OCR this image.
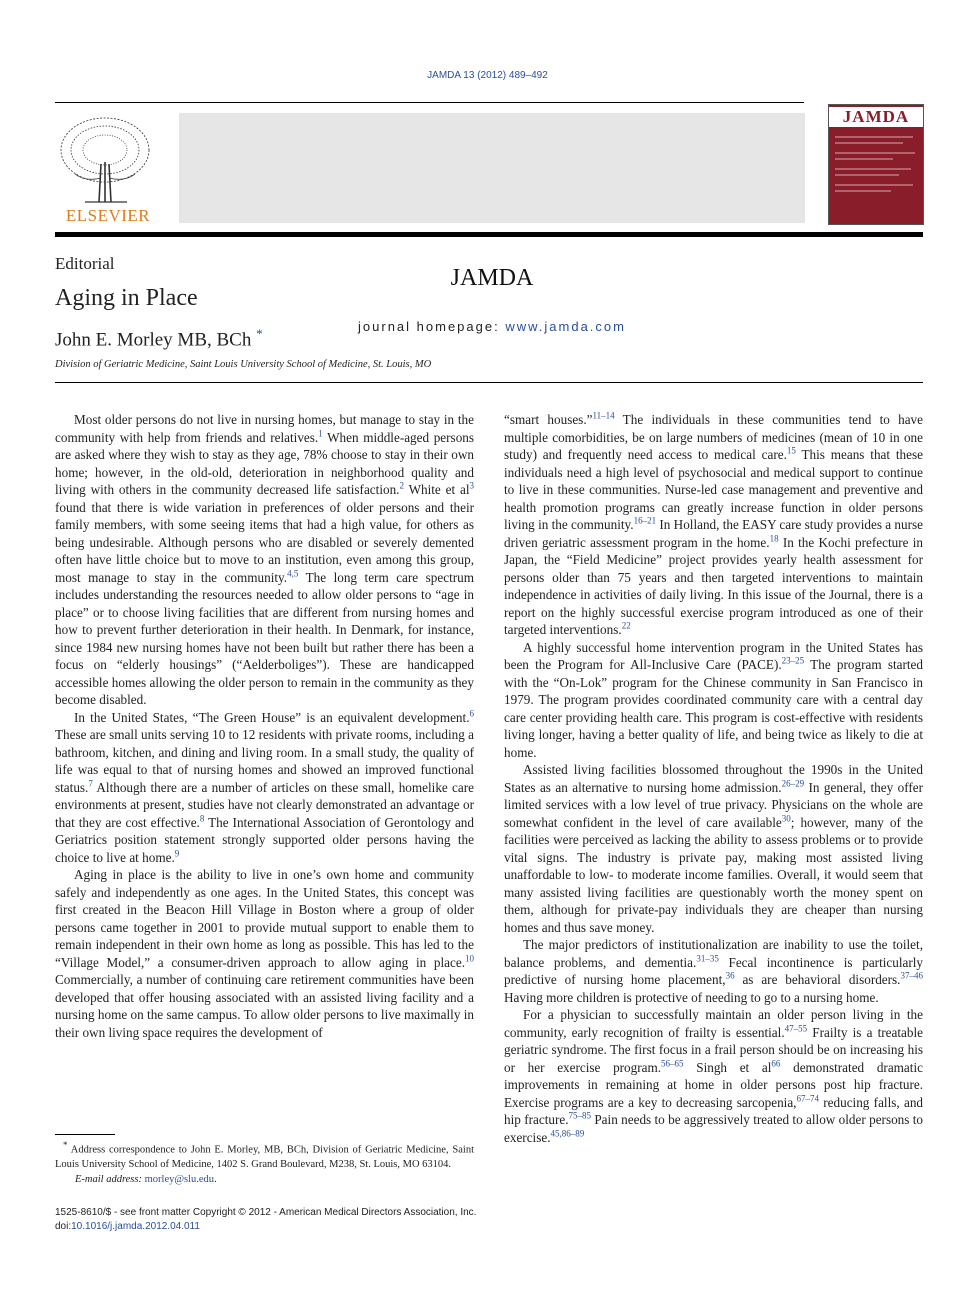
JAMDA 13 (2012) 489–492
ELSEVIER
JAMDA
journal homepage: www.jamda.com
JAMDA
Editorial
Aging in Place
John E. Morley MB, BCh *
Division of Geriatric Medicine, Saint Louis University School of Medicine, St. Louis, MO

Most older persons do not live in nursing homes, but manage to stay in the community with help from friends and relatives.$^1$ When middle-aged persons are asked where they wish to stay as they age, 78% choose to stay in their own home; however, in the old-old, deterioration in neighborhood quality and living with others in the community decreased life satisfaction.$^2$ White et $al^3$ found that there is wide variation in preferences of older persons and their family members, with some seeing items that had a high value, for others as being undesirable. Although persons who are disabled or severely demented often have little choice but to move to an institution, even among this group, most manage to stay in the community.$^{4,5}$ The long term care spectrum includes understanding the resources needed to allow older persons to “age in place” or to choose living facilities that are different from nursing homes and how to prevent further deterioration in their health. In Denmark, for instance, since 1984 new nursing homes have not been built but rather there has been a focus on “elderly housings” (“Aelderboliges”). These are handicapped accessible homes allowing the older person to remain in the community as they become disabled.

In the United States, “The Green House” is an equivalent development.$^6$ These are small units serving 10 to 12 residents with private rooms, including a bathroom, kitchen, and dining and living room. In a small study, the quality of life was equal to that of nursing homes and showed an improved functional status.$^7$ Although there are a number of articles on these small, homelike care environments at present, studies have not clearly demonstrated an advantage or that they are cost effective.$^8$ The International Association of Gerontology and Geriatrics position statement strongly supported older persons having the choice to live at home.$^9$

Aging in place is the ability to live in one’s own home and community safely and independently as one ages. In the United States, this concept was first created in the Beacon Hill Village in Boston where a group of older persons came together in 2001 to provide mutual support to enable them to remain independent in their own home as long as possible. This has led to the “Village Model,” a consumer-driven approach to allow aging in place.$^{10}$ Commercially, a number of continuing care retirement communities have been developed that offer housing associated with an assisted living facility and a nursing home on the same campus. To allow older persons to live maximally in their own living space requires the development of

“smart houses.”$^{11-14}$ The individuals in these communities tend to have multiple comorbidities, be on large numbers of medicines (mean of 10 in one study) and frequently need access to medical care.$^{15}$ This means that these individuals need a high level of psychosocial and medical support to continue to live in these communities. Nurse-led case management and preventive and health promotion programs can greatly increase function in older persons living in the community.$^{16-21}$ In Holland, the EASY care study provides a nurse driven geriatric assessment program in the home.$^{18}$ In the Kochi prefecture in Japan, the “Field Medicine” project provides yearly health assessment for persons older than 75 years and then targeted interventions to maintain independence in activities of daily living. In this issue of the Journal, there is a report on the highly successful exercise program introduced as one of their targeted interventions.$^{22}$

A highly successful home intervention program in the United States has been the Program for All-Inclusive Care (PACE).$^{23-25}$ The program started with the “On-Lok” program for the Chinese community in San Francisco in 1979. The program provides coordinated community care with a central day care center providing health care. This program is cost-effective with residents living longer, having a better quality of life, and being twice as likely to die at home.

Assisted living facilities blossomed throughout the 1990s in the United States as an alternative to nursing home admission.$^{26-29}$ In general, they offer limited services with a low level of true privacy. Physicians on the whole are somewhat confident in the level of care available$^{30}$; however, many of the facilities were perceived as lacking the ability to assess problems or to provide vital signs. The industry is private pay, making most assisted living unaffordable to low- to moderate income families. Overall, it would seem that many assisted living facilities are questionably worth the money spent on them, although for private-pay individuals they are cheaper than nursing homes and thus save money.

The major predictors of institutionalization are inability to use the toilet, balance problems, and dementia.$^{31-35}$ Fecal incontinence is particularly predictive of nursing home placement,$^{36}$ as are behavioral disorders.$^{37-46}$ Having more children is protective of needing to go to a nursing home.

For a physician to successfully maintain an older person living in the community, early recognition of frailty is essential.$^{47-55}$ Frailty is a treatable geriatric syndrome. The first focus in a frail person should be on increasing his or her exercise program.$^{56-65}$ Singh et $al^{66}$ demonstrated dramatic improvements in remaining at home in older persons post hip fracture. Exercise programs are a key to decreasing sarcopenia,$^{67-74}$ reducing falls, and hip fracture.$^{75-85}$ Pain needs to be aggressively treated to allow older persons to exercise.$^{45,86-89}$

* Address correspondence to John E. Morley, MB, BCh, Division of Geriatric Medicine, Saint Louis University School of Medicine, 1402 S. Grand Boulevard, M238, St. Louis, MO 63104.

E-mail address: morley@slu.edu.

1525-8610/$ - see front matter Copyright © 2012 - American Medical Directors Association, Inc.
doi:10.1016/j.jamda.2012.04.011
